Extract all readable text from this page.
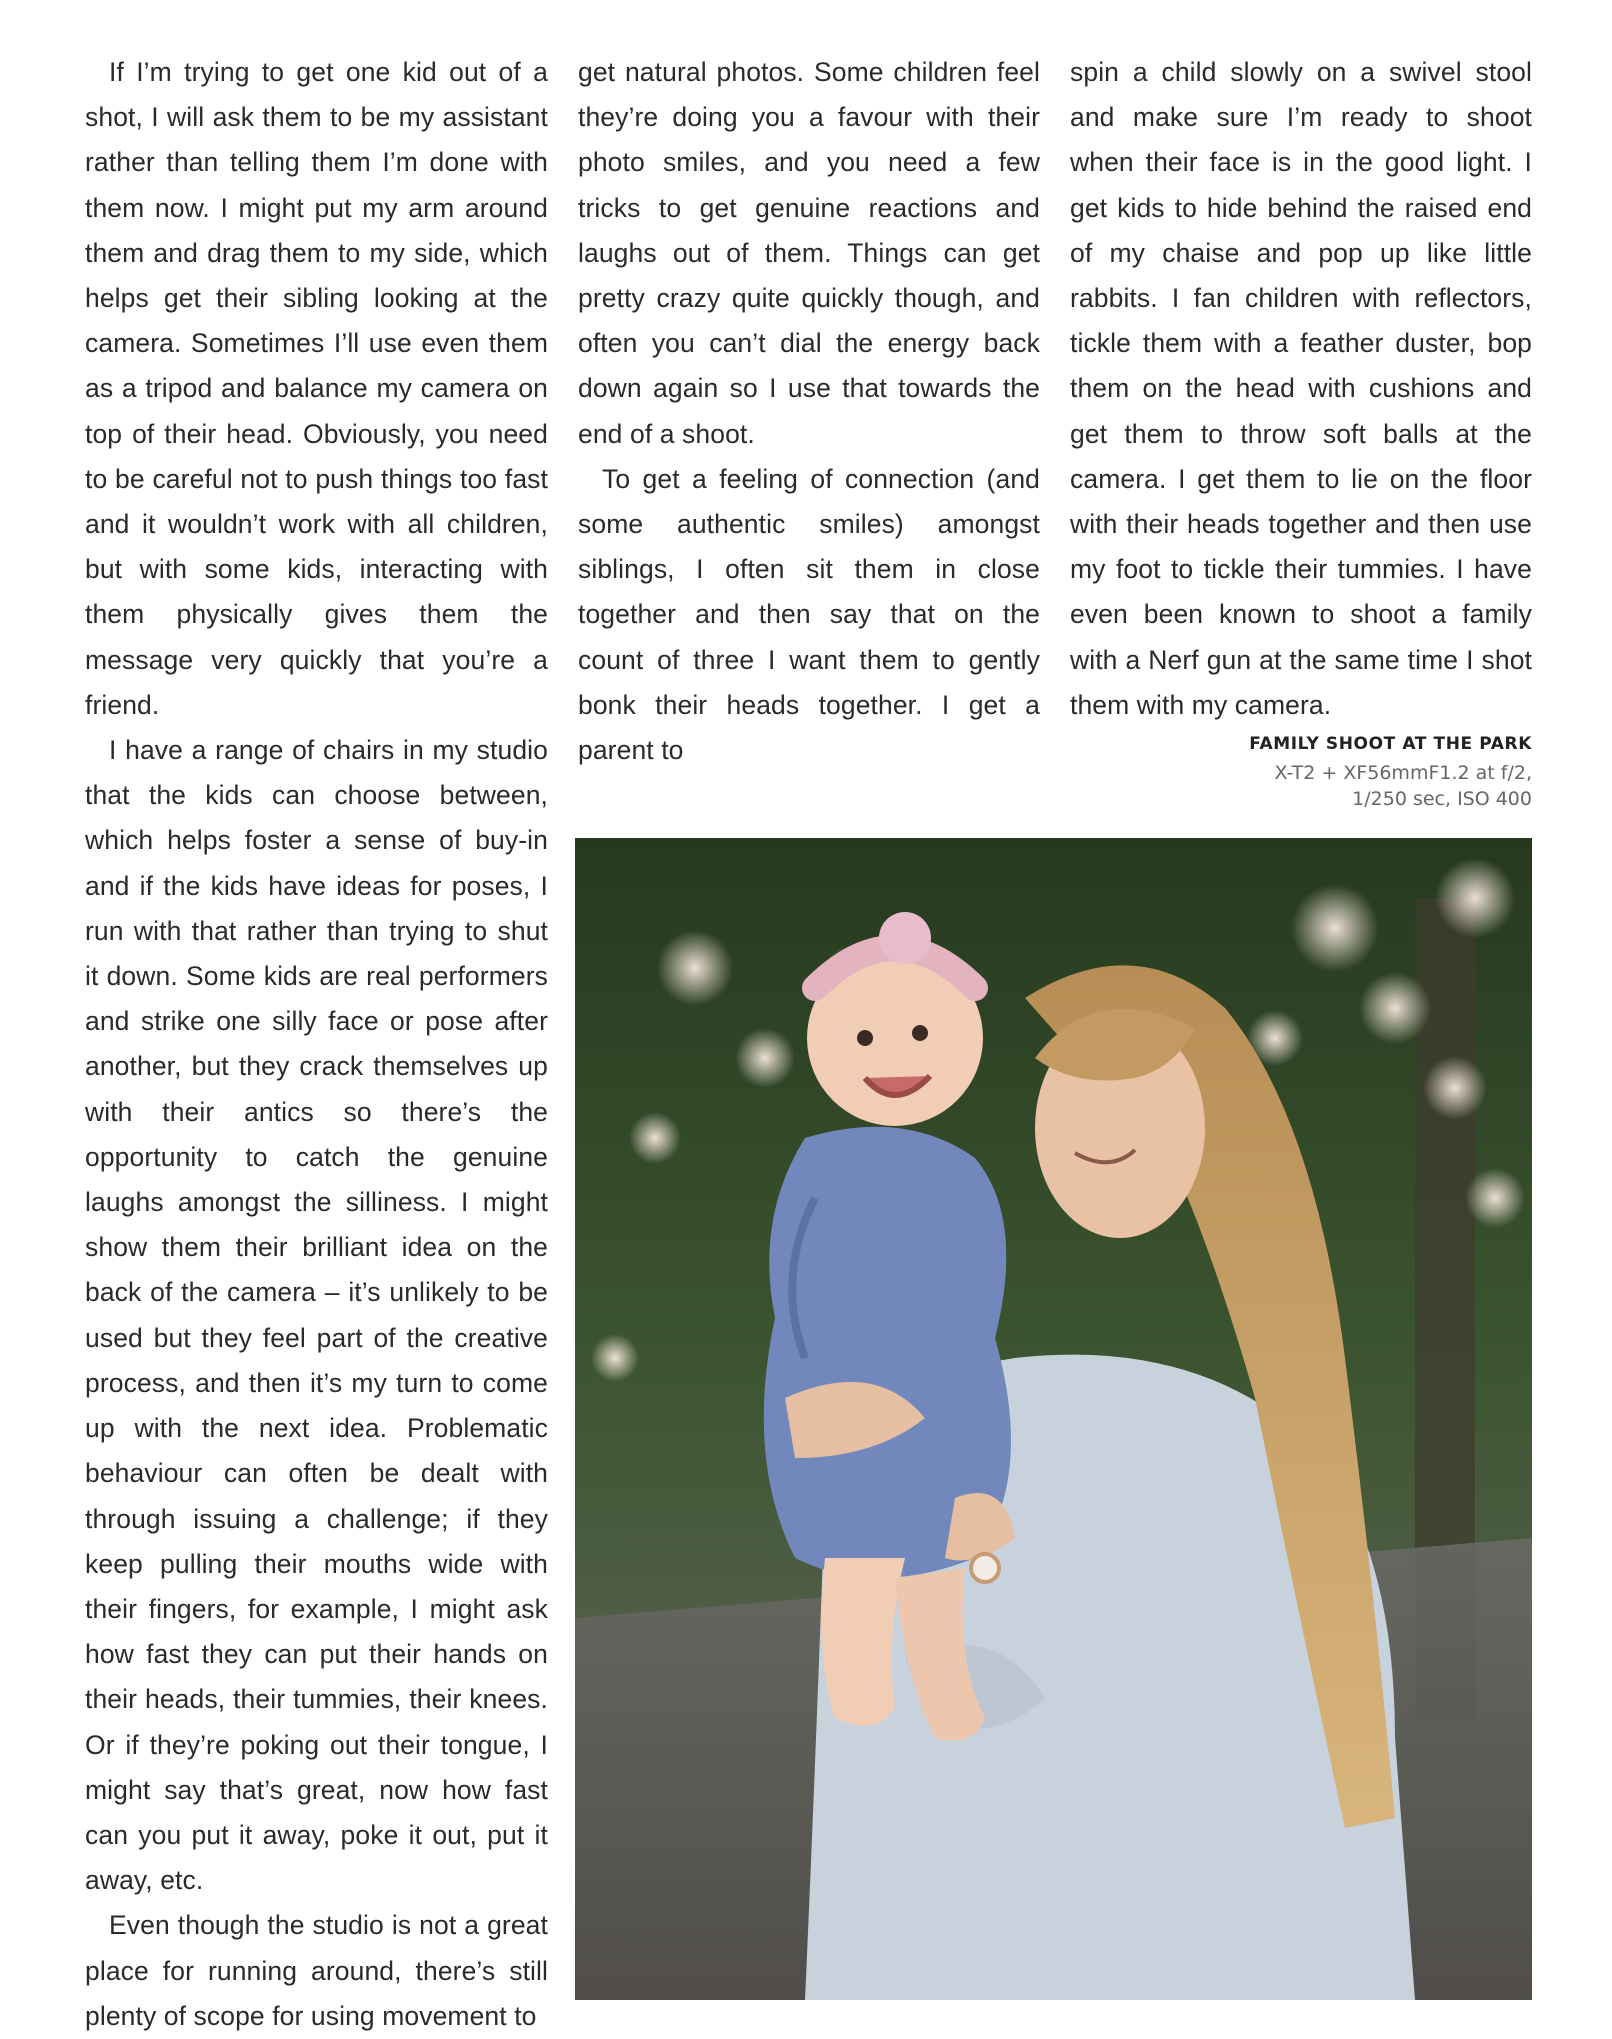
If I’m trying to get one kid out of a shot, I will ask them to be my assistant rather than telling them I’m done with them now. I might put my arm around them and drag them to my side, which helps get their sibling looking at the camera. Sometimes I’ll use even them as a tripod and balance my camera on top of their head. Obviously, you need to be careful not to push things too fast and it wouldn’t work with all children, but with some kids, interacting with them physically gives them the message very quickly that you’re a friend.

I have a range of chairs in my studio that the kids can choose between, which helps foster a sense of buy-in and if the kids have ideas for poses, I run with that rather than trying to shut it down. Some kids are real performers and strike one silly face or pose after another, but they crack themselves up with their antics so there’s the opportunity to catch the genuine laughs amongst the silliness. I might show them their brilliant idea on the back of the camera – it’s unlikely to be used but they feel part of the creative process, and then it’s my turn to come up with the next idea. Problematic behaviour can often be dealt with through issuing a challenge; if they keep pulling their mouths wide with their fingers, for example, I might ask how fast they can put their hands on their heads, their tummies, their knees. Or if they’re poking out their tongue, I might say that’s great, now how fast can you put it away, poke it out, put it away, etc.

Even though the studio is not a great place for running around, there’s still plenty of scope for using movement to

get natural photos. Some children feel they’re doing you a favour with their photo smiles, and you need a few tricks to get genuine reactions and laughs out of them. Things can get pretty crazy quite quickly though, and often you can’t dial the energy back down again so I use that towards the end of a shoot.

To get a feeling of connection (and some authentic smiles) amongst siblings, I often sit them in close together and then say that on the count of three I want them to gently bonk their heads together. I get a parent to

spin a child slowly on a swivel stool and make sure I’m ready to shoot when their face is in the good light. I get kids to hide behind the raised end of my chaise and pop up like little rabbits. I fan children with reflectors, tickle them with a feather duster, bop them on the head with cushions and get them to throw soft balls at the camera. I get them to lie on the floor with their heads together and then use my foot to tickle their tummies. I have even been known to shoot a family with a Nerf gun at the same time I shot them with my camera.

FAMILY SHOOT AT THE PARK
X-T2 + XF56mmF1.2 at f/2,
1/250 sec, ISO 400
